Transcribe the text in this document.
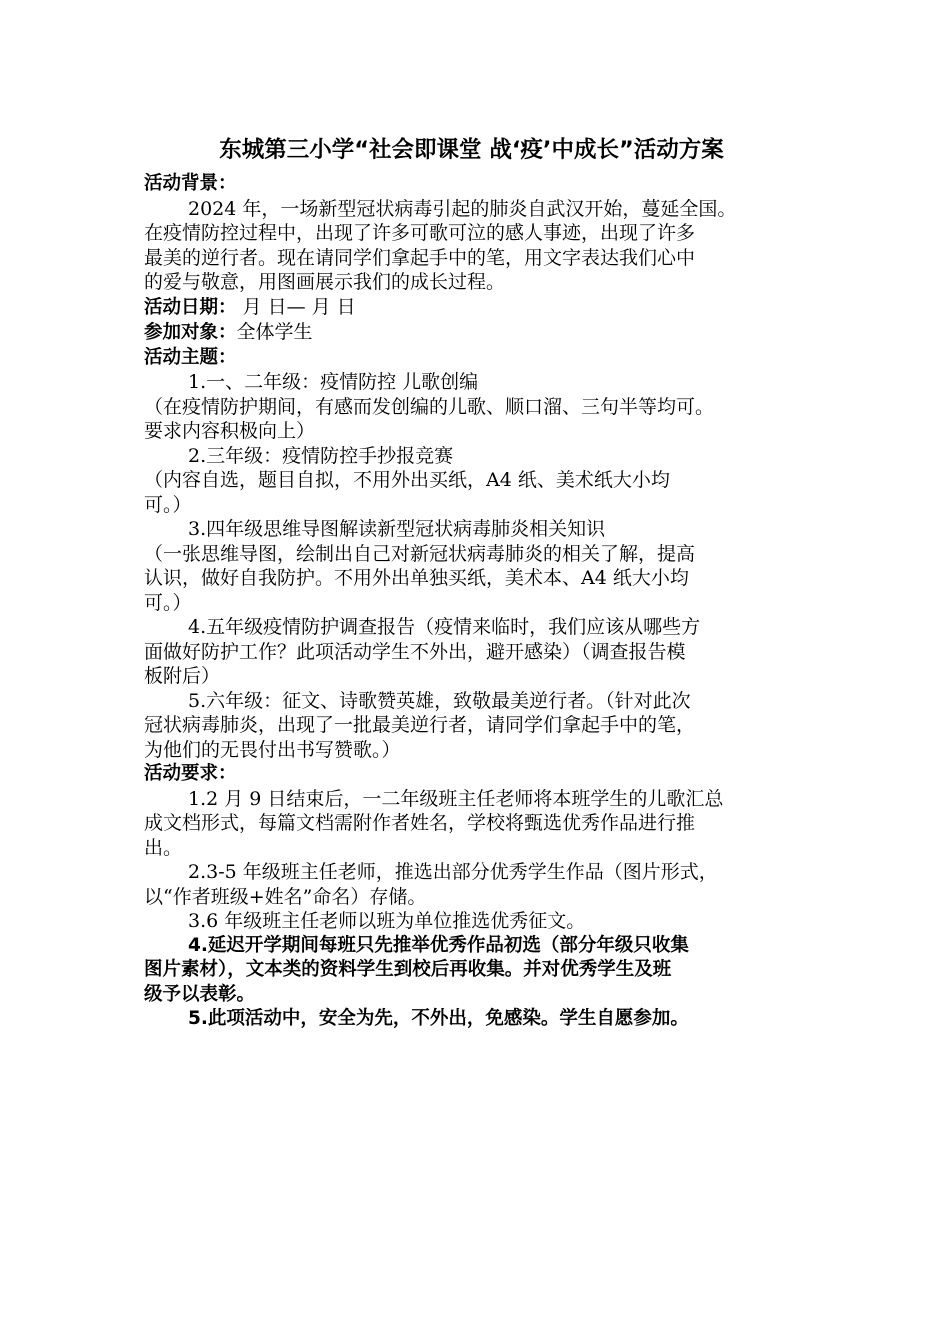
东城第三小学“社会即课堂 战‘疫’中成长”活动方案
活动背景：
2024 年，一场新型冠状病毒引起的肺炎自武汉开始，蔓延全国。
在疫情防控过程中，出现了许多可歌可泣的感人事迹，出现了许多
最美的逆行者。现在请同学们拿起手中的笔，用文字表达我们心中
的爱与敬意，用图画展示我们的成长过程。
活动日期： 月 日— 月 日
参加对象：全体学生
活动主题：
1.一、二年级：疫情防控 儿歌创编
（在疫情防护期间，有感而发创编的儿歌、顺口溜、三句半等均可。
要求内容积极向上）
2.三年级：疫情防控手抄报竞赛
（内容自选，题目自拟，不用外出买纸，A4 纸、美术纸大小均
可。）
3.四年级思维导图解读新型冠状病毒肺炎相关知识
（一张思维导图，绘制出自己对新冠状病毒肺炎的相关了解，提高
认识，做好自我防护。不用外出单独买纸，美术本、A4 纸大小均
可。）
4.五年级疫情防护调查报告（疫情来临时，我们应该从哪些方
面做好防护工作？此项活动学生不外出，避开感染）（调查报告模
板附后）
5.六年级：征文、诗歌赞英雄，致敬最美逆行者。（针对此次
冠状病毒肺炎，出现了一批最美逆行者，请同学们拿起手中的笔，
为他们的无畏付出书写赞歌。）
活动要求：
1.2 月 9 日结束后，一二年级班主任老师将本班学生的儿歌汇总
成文档形式，每篇文档需附作者姓名，学校将甄选优秀作品进行推
出。
2.3-5 年级班主任老师，推选出部分优秀学生作品（图片形式，
以“作者班级+姓名”命名）存储。
3.6 年级班主任老师以班为单位推选优秀征文。
4.延迟开学期间每班只先推举优秀作品初选（部分年级只收集
图片素材），文本类的资料学生到校后再收集。并对优秀学生及班
级予以表彰。
5.此项活动中，安全为先，不外出，免感染。学生自愿参加。
